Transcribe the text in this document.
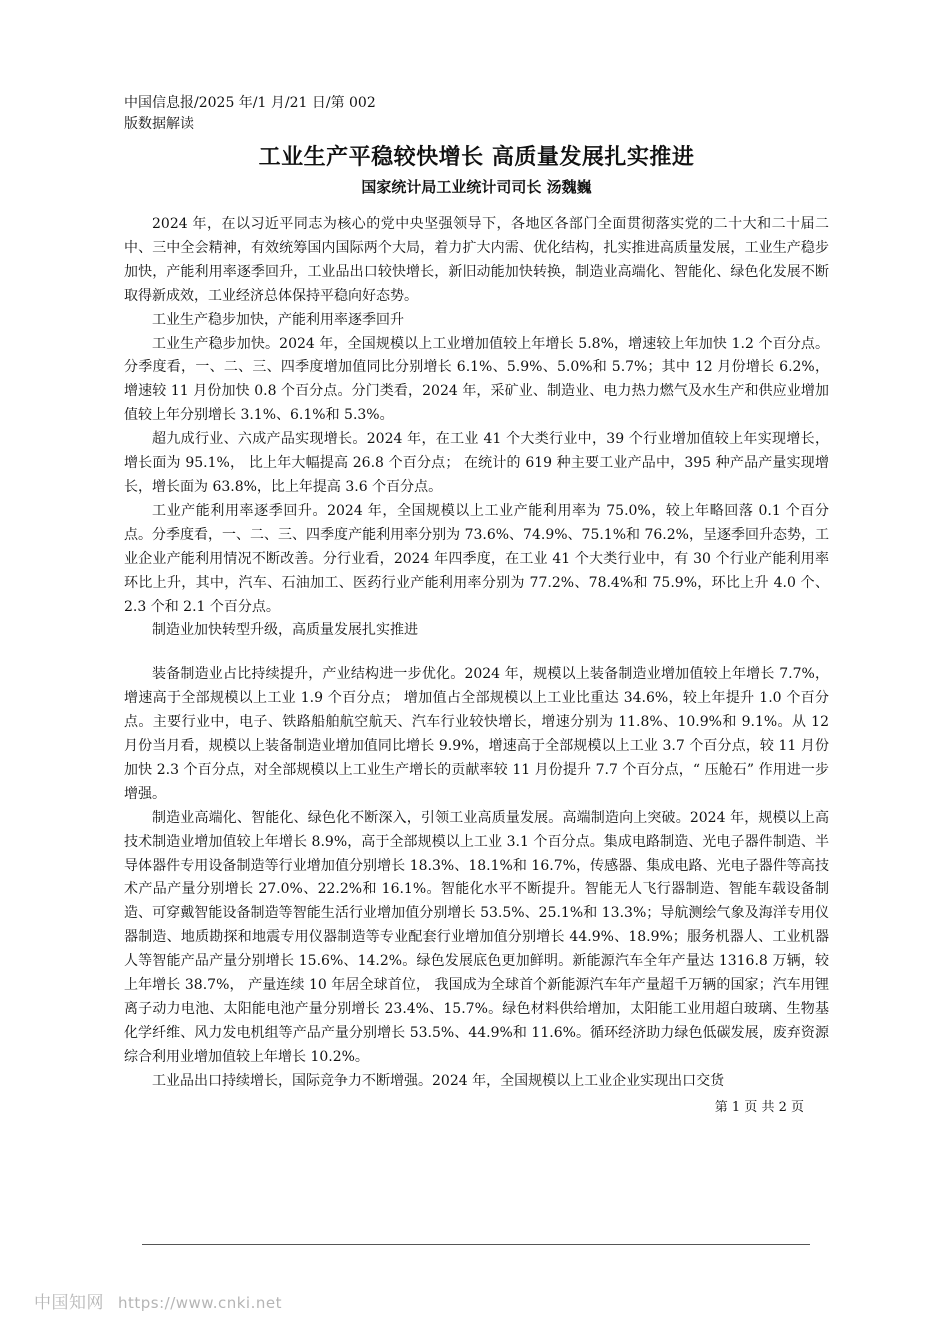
中国信息报/2025 年/1 月/21 日/第 002
版数据解读
工业生产平稳较快增长 高质量发展扎实推进
国家统计局工业统计司司长 汤魏巍

2024 年，在以习近平同志为核心的党中央坚强领导下，各地区各部门全面贯彻落实党的二十大和二十届二中、三中全会精神，有效统筹国内国际两个大局，着力扩大内需、优化结构，扎实推进高质量发展，工业生产稳步加快，产能利用率逐季回升，工业品出口较快增长，新旧动能加快转换，制造业高端化、智能化、绿色化发展不断取得新成效，工业经济总体保持平稳向好态势。

工业生产稳步加快，产能利用率逐季回升

工业生产稳步加快。2024 年，全国规模以上工业增加值较上年增长 5.8%，增速较上年加快 1.2 个百分点。分季度看，一、二、三、四季度增加值同比分别增长 6.1%、5.9%、5.0%和 5.7%；其中 12 月份增长 6.2%，增速较 11 月份加快 0.8 个百分点。分门类看，2024 年，采矿业、制造业、电力热力燃气及水生产和供应业增加值较上年分别增长 3.1%、6.1%和 5.3%。

超九成行业、六成产品实现增长。2024 年，在工业 41 个大类行业中，39 个行业增加值较上年实现增长， 增长面为 95.1%， 比上年大幅提高 26.8 个百分点； 在统计的 619 种主要工业产品中，395 种产品产量实现增长，增长面为 63.8%，比上年提高 3.6 个百分点。

工业产能利用率逐季回升。2024 年，全国规模以上工业产能利用率为 75.0%，较上年略回落 0.1 个百分点。分季度看，一、二、三、四季度产能利用率分别为 73.6%、74.9%、75.1%和 76.2%，呈逐季回升态势，工业企业产能利用情况不断改善。分行业看，2024 年四季度，在工业 41 个大类行业中，有 30 个行业产能利用率环比上升，其中，汽车、石油加工、医药行业产能利用率分别为 77.2%、78.4%和 75.9%，环比上升 4.0 个、2.3 个和 2.1 个百分点。

制造业加快转型升级，高质量发展扎实推进

装备制造业占比持续提升，产业结构进一步优化。2024 年，规模以上装备制造业增加值较上年增长 7.7%，增速高于全部规模以上工业 1.9 个百分点； 增加值占全部规模以上工业比重达 34.6%，较上年提升 1.0 个百分点。主要行业中，电子、铁路船舶航空航天、汽车行业较快增长，增速分别为 11.8%、10.9%和 9.1%。从 12 月份当月看，规模以上装备制造业增加值同比增长 9.9%，增速高于全部规模以上工业 3.7 个百分点，较 11 月份加快 2.3 个百分点，对全部规模以上工业生产增长的贡献率较 11 月份提升 7.7 个百分点，“ 压舱石” 作用进一步增强。

制造业高端化、智能化、绿色化不断深入，引领工业高质量发展。高端制造向上突破。2024 年，规模以上高技术制造业增加值较上年增长 8.9%，高于全部规模以上工业 3.1 个百分点。集成电路制造、光电子器件制造、半导体器件专用设备制造等行业增加值分别增长 18.3%、18.1%和 16.7%，传感器、集成电路、光电子器件等高技术产品产量分别增长 27.0%、22.2%和 16.1%。智能化水平不断提升。智能无人飞行器制造、智能车载设备制造、可穿戴智能设备制造等智能生活行业增加值分别增长 53.5%、25.1%和 13.3%；导航测绘气象及海洋专用仪器制造、地质勘探和地震专用仪器制造等专业配套行业增加值分别增长 44.9%、18.9%；服务机器人、工业机器人等智能产品产量分别增长 15.6%、14.2%。绿色发展底色更加鲜明。新能源汽车全年产量达 1316.8 万辆，较上年增长 38.7%， 产量连续 10 年居全球首位， 我国成为全球首个新能源汽车年产量超千万辆的国家；汽车用锂离子动力电池、太阳能电池产量分别增长 23.4%、15.7%。绿色材料供给增加，太阳能工业用超白玻璃、生物基化学纤维、风力发电机组等产品产量分别增长 53.5%、44.9%和 11.6%。循环经济助力绿色低碳发展，废弃资源综合利用业增加值较上年增长 10.2%。

工业品出口持续增长，国际竞争力不断增强。2024 年，全国规模以上工业企业实现出口交货

第 1 页 共 2 页
中国知网 https://www.cnki.net
